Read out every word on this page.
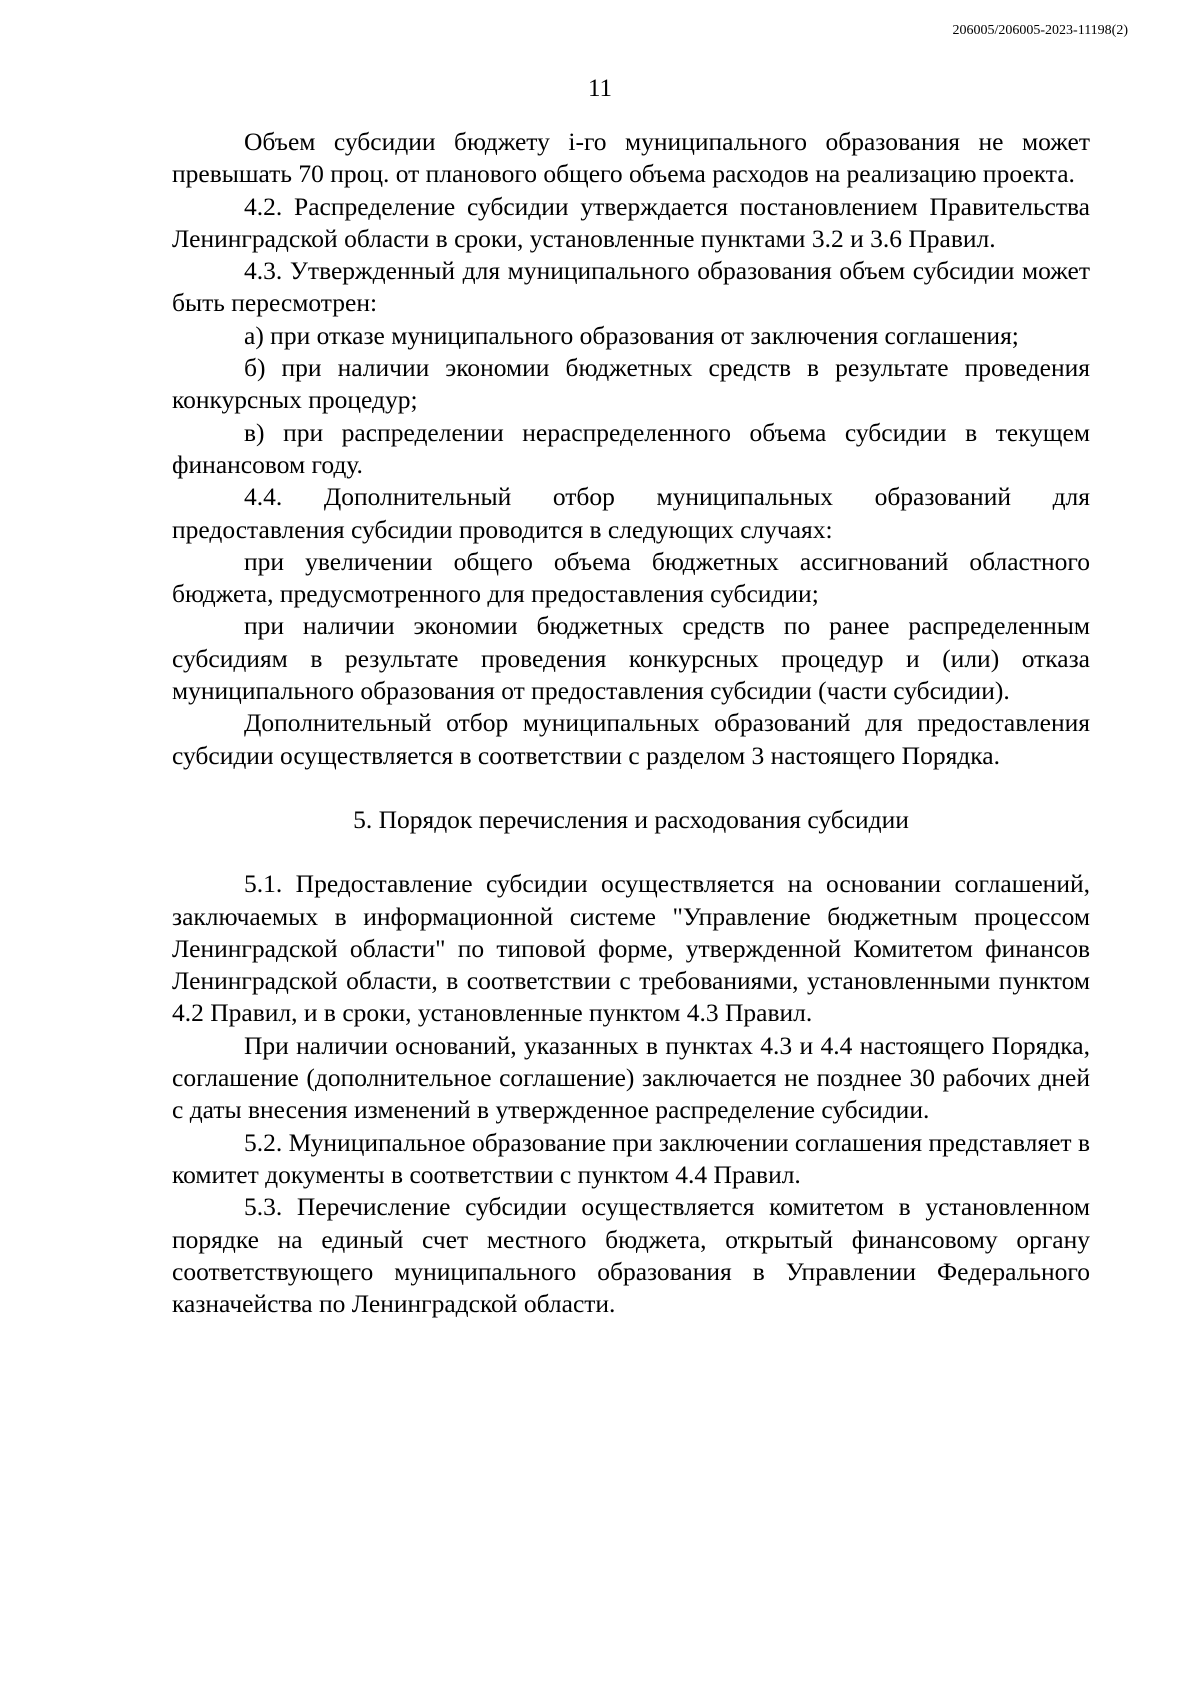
206005/206005-2023-11198(2)

11

Объем субсидии бюджету i-го муниципального образования не может превышать 70 проц. от планового общего объема расходов на реализацию проекта.

4.2. Распределение субсидии утверждается постановлением Правительства Ленинградской области в сроки, установленные пунктами 3.2 и 3.6 Правил.

4.3. Утвержденный для муниципального образования объем субсидии может быть пересмотрен:

а) при отказе муниципального образования от заключения соглашения;

б) при наличии экономии бюджетных средств в результате проведения конкурсных процедур;

в) при распределении нераспределенного объема субсидии в текущем финансовом году.

4.4. Дополнительный отбор муниципальных образований для предоставления субсидии проводится в следующих случаях:

при увеличении общего объема бюджетных ассигнований областного бюджета, предусмотренного для предоставления субсидии;

при наличии экономии бюджетных средств по ранее распределенным субсидиям в результате проведения конкурсных процедур и (или) отказа муниципального образования от предоставления субсидии (части субсидии).

Дополнительный отбор муниципальных образований для предоставления субсидии осуществляется в соответствии с разделом 3 настоящего Порядка.

5. Порядок перечисления и расходования субсидии

5.1. Предоставление субсидии осуществляется на основании соглашений, заключаемых в информационной системе "Управление бюджетным процессом Ленинградской области" по типовой форме, утвержденной Комитетом финансов Ленинградской области, в соответствии с требованиями, установленными пунктом 4.2 Правил, и в сроки, установленные пунктом 4.3 Правил.

При наличии оснований, указанных в пунктах 4.3 и 4.4 настоящего Порядка, соглашение (дополнительное соглашение) заключается не позднее 30 рабочих дней с даты внесения изменений в утвержденное распределение субсидии.

5.2. Муниципальное образование при заключении соглашения представляет в комитет документы в соответствии с пунктом 4.4 Правил.

5.3. Перечисление субсидии осуществляется комитетом в установленном порядке на единый счет местного бюджета, открытый финансовому органу соответствующего муниципального образования в Управлении Федерального казначейства по Ленинградской области.
